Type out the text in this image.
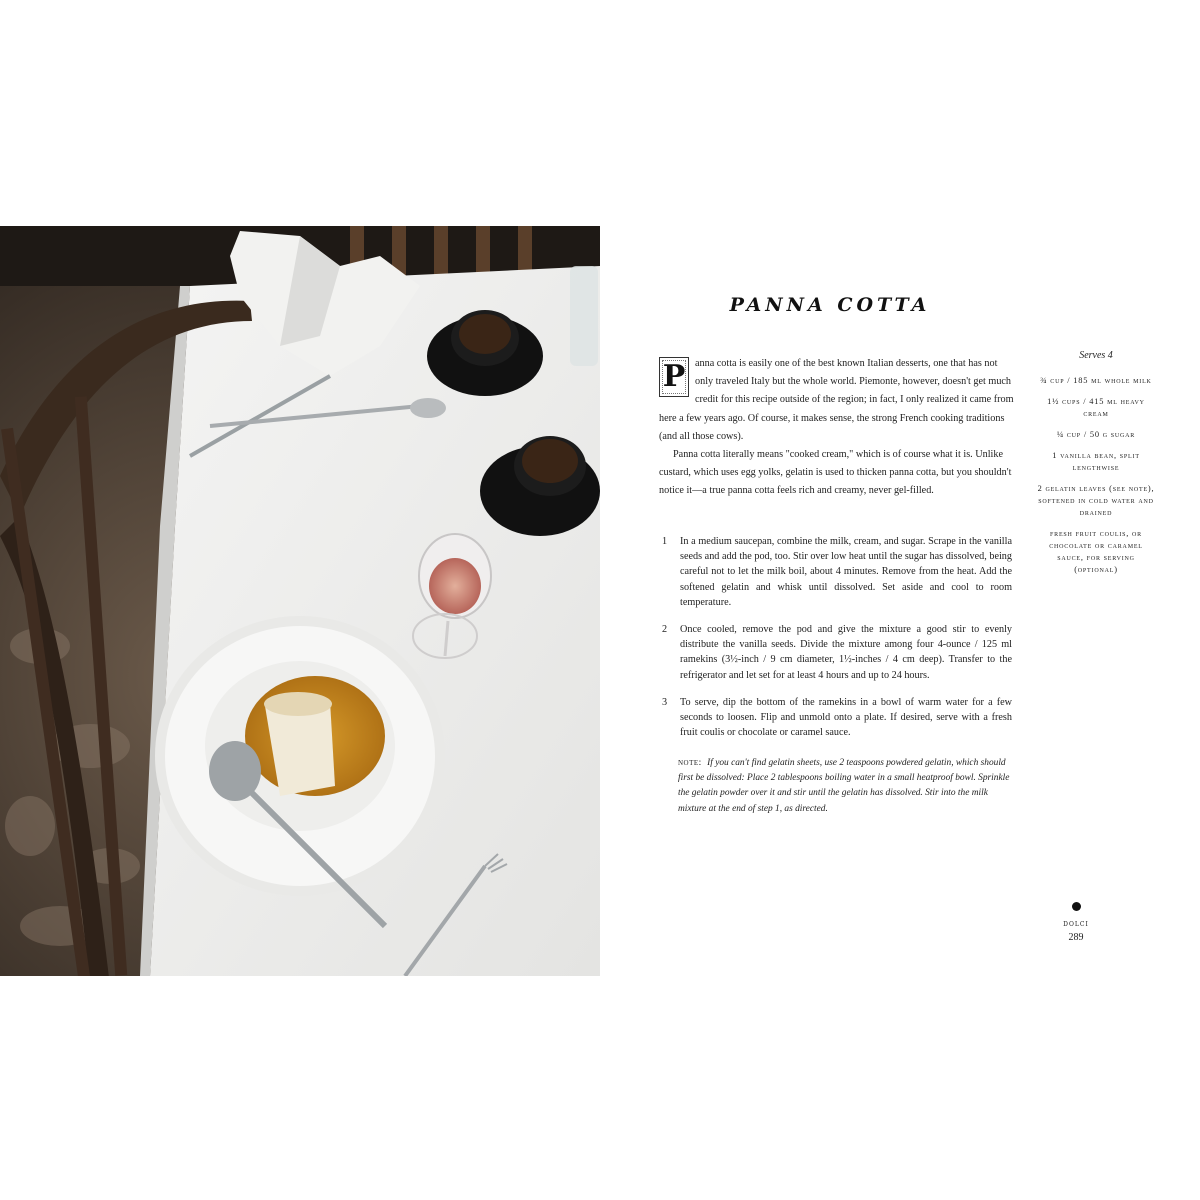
PANNA COTTA

P anna cotta is easily one of the best known Italian desserts, one that has not only traveled Italy but the whole world. Piemonte, however, doesn't get much credit for this recipe outside of the region; in fact, I only realized it came from here a few years ago. Of course, it makes sense, the strong French cooking traditions (and all those cows).

Panna cotta literally means "cooked cream," which is of course what it is. Unlike custard, which uses egg yolks, gelatin is used to thicken panna cotta, but you shouldn't notice it—a true panna cotta feels rich and creamy, never gel-filled.

1	In a medium saucepan, combine the milk, cream, and sugar. Scrape in the vanilla seeds and add the pod, too. Stir over low heat until the sugar has dissolved, being careful not to let the milk boil, about 4 minutes. Remove from the heat. Add the softened gelatin and whisk until dissolved. Set aside and cool to room temperature.
2	Once cooled, remove the pod and give the mixture a good stir to evenly distribute the vanilla seeds. Divide the mixture among four 4-ounce / 125 ml ramekins (3½-inch / 9 cm diameter, 1½-inches / 4 cm deep). Transfer to the refrigerator and let set for at least 4 hours and up to 24 hours.
3	To serve, dip the bottom of the ramekins in a bowl of warm water for a few seconds to loosen. Flip and unmold onto a plate. If desired, serve with a fresh fruit coulis or chocolate or caramel sauce.
note: If you can't find gelatin sheets, use 2 teaspoons powdered gelatin, which should first be dissolved: Place 2 tablespoons boiling water in a small heatproof bowl. Sprinkle the gelatin powder over it and stir until the gelatin has dissolved. Stir into the milk mixture at the end of step 1, as directed.
Serves 4
¾ cup / 185 ml whole milk
1½ cups / 415 ml heavy cream
¼ cup / 50 g sugar
1 vanilla bean, split lengthwise
2 gelatin leaves (see note), softened in cold water and drained
fresh fruit coulis, or chocolate or caramel sauce, for serving (optional)
dolci
289
